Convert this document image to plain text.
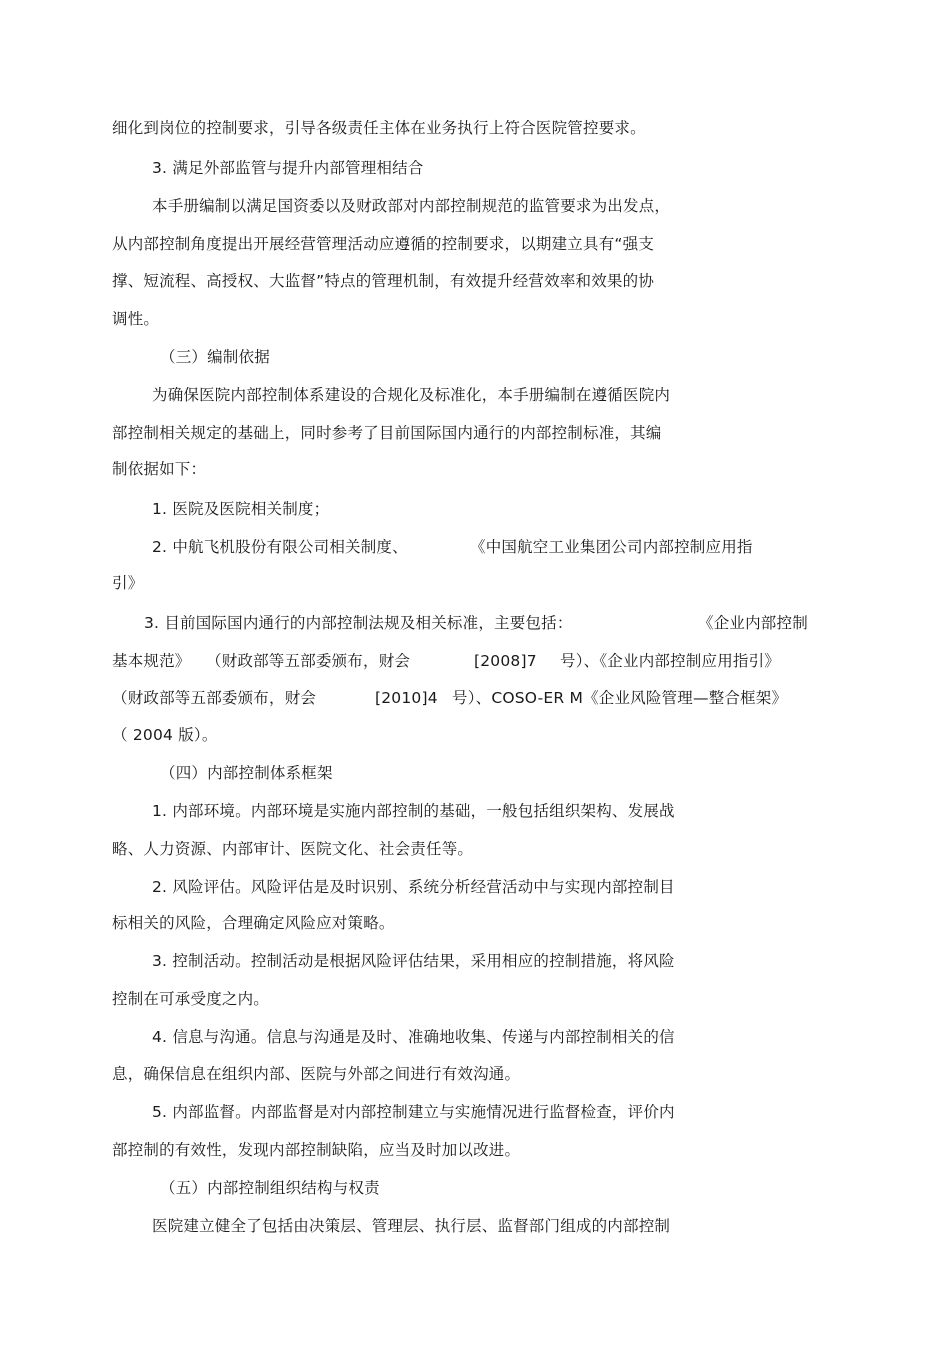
细化到岗位的控制要求，引导各级责任主体在业务执行上符合医院管控要求。
3. 满足外部监管与提升内部管理相结合
本手册编制以满足国资委以及财政部对内部控制规范的监管要求为出发点，
从内部控制角度提出开展经营管理活动应遵循的控制要求，以期建立具有“强支
撑、短流程、高授权、大监督”特点的管理机制，有效提升经营效率和效果的协
调性。
（三）编制依据
为确保医院内部控制体系建设的合规化及标准化，本手册编制在遵循医院内
部控制相关规定的基础上，同时参考了目前国际国内通行的内部控制标准，其编
制依据如下：
1. 医院及医院相关制度；
2. 中航飞机股份有限公司相关制度、	《中国航空工业集团公司内部控制应用指
引》
3. 目前国际国内通行的内部控制法规及相关标准，主要包括：	《企业内部控制
基本规范》 （财政部等五部委颁布，财会	[2008]7 号）、《企业内部控制应用指引》
（财政部等五部委颁布，财会	[2010]4 号）、COSO-ER M《企业风险管理—整合框架》
（ 2004 版）。
（四）内部控制体系框架
1. 内部环境。内部环境是实施内部控制的基础，一般包括组织架构、发展战
略、人力资源、内部审计、医院文化、社会责任等。
2. 风险评估。风险评估是及时识别、系统分析经营活动中与实现内部控制目
标相关的风险，合理确定风险应对策略。
3. 控制活动。控制活动是根据风险评估结果，采用相应的控制措施，将风险
控制在可承受度之内。
4. 信息与沟通。信息与沟通是及时、准确地收集、传递与内部控制相关的信
息，确保信息在组织内部、医院与外部之间进行有效沟通。
5. 内部监督。内部监督是对内部控制建立与实施情况进行监督检查，评价内
部控制的有效性，发现内部控制缺陷，应当及时加以改进。
（五）内部控制组织结构与权责
医院建立健全了包括由决策层、管理层、执行层、监督部门组成的内部控制
